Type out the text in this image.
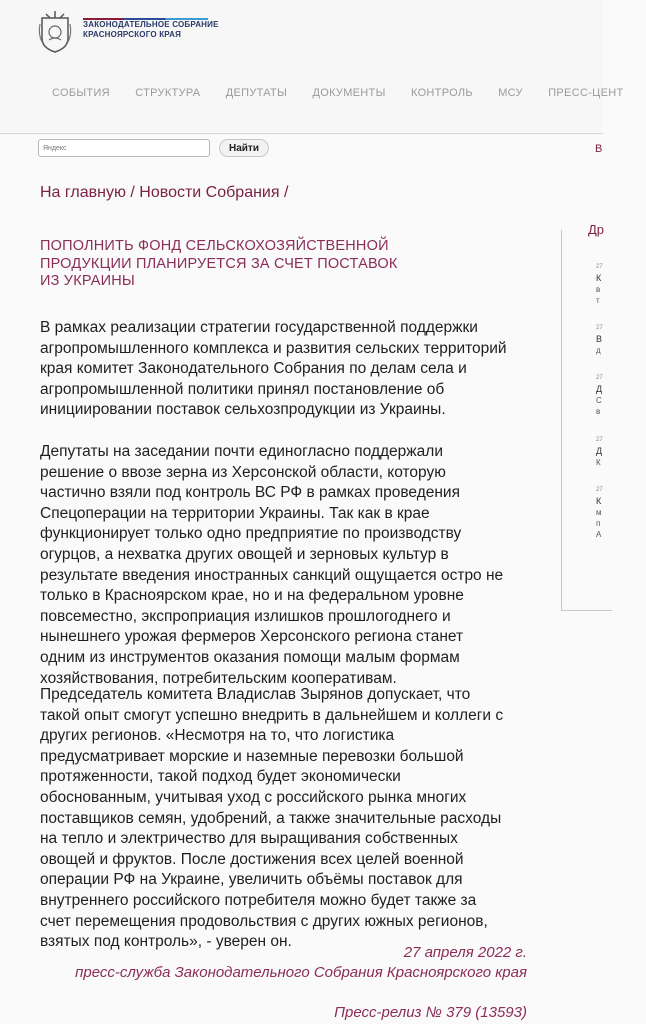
ЗАКОНОДАТЕЛЬНОЕ СОБРАНИЕ
КРАСНОЯРСКОГО КРАЯ
СОБЫТИЯ СТРУКТУРА ДЕПУТАТЫ ДОКУМЕНТЫ КОНТРОЛЬ МСУ ПРЕСС-ЦЕНТ
Яндекс
Найти	В
На главную / Новости Собрания /
ПОПОЛНИТЬ ФОНД СЕЛЬСКОХОЗЯЙСТВЕННОЙ ПРОДУКЦИИ ПЛАНИРУЕТСЯ ЗА СЧЕТ ПОСТАВОК ИЗ УКРАИНЫ

В рамках реализации стратегии государственной поддержки агропромышленного комплекса и развития сельских территорий края комитет Законодательного Собрания по делам села и агропромышленной политики принял постановление об инициировании поставок сельхозпродукции из Украины.

Депутаты на заседании почти единогласно поддержали решение о ввозе зерна из Херсонской области, которую частично взяли под контроль ВС РФ в рамках проведения Спецоперации на территории Украины. Так как в крае функционирует только одно предприятие по производству огурцов, а нехватка других овощей и зерновых культур в результате введения иностранных санкций ощущается остро не только в Красноярском крае, но и на федеральном уровне повсеместно, экспроприация излишков прошлогоднего и нынешнего урожая фермеров Херсонского региона станет одним из инструментов оказания помощи малым формам хозяйствования, потребительским кооперативам.

Председатель комитета Владислав Зырянов допускает, что такой опыт смогут успешно внедрить в дальнейшем и коллеги с других регионов. «Несмотря на то, что логистика предусматривает морские и наземные перевозки большой протяженности, такой подход будет экономически обоснованным, учитывая уход с российского рынка многих поставщиков семян, удобрений, а также значительные расходы на тепло и электричество для выращивания собственных овощей и фруктов. После достижения всех целей военной операции РФ на Украине, увеличить объёмы поставок для внутреннего российского потребителя можно будет также за счет перемещения продовольствия с других южных регионов, взятых под контроль», - уверен он.

27 апреля 2022 г.
пресс-служба Законодательного Собрания Красноярского края
Пресс-релиз № 379 (13593)
Др
27
К
в
т
27
В
д
27
Д
С
в
27
Д
К
27
К
м
п
А
